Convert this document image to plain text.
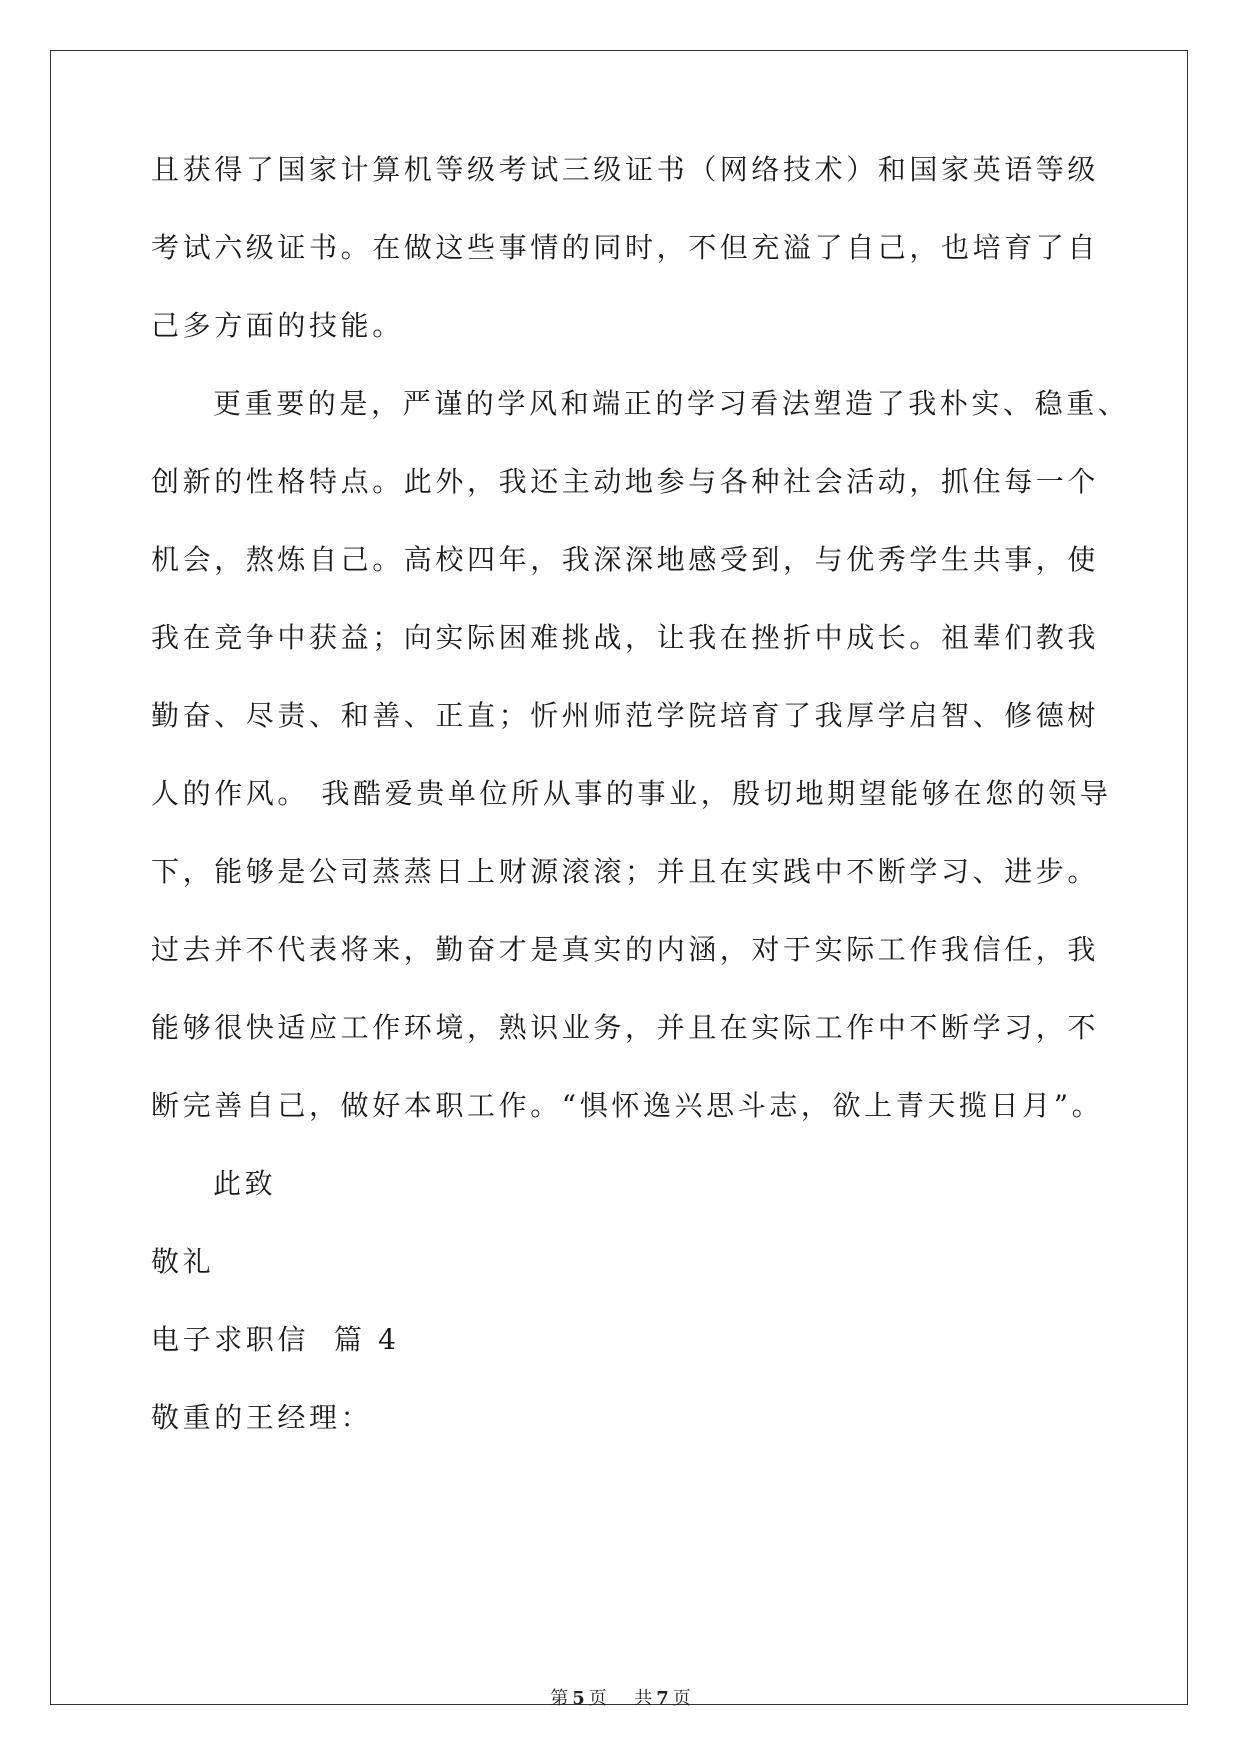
且获得了国家计算机等级考试三级证书（网络技术）和国家英语等级
考试六级证书。在做这些事情的同时，不但充溢了自己，也培育了自
己多方面的技能。
更重要的是，严谨的学风和端正的学习看法塑造了我朴实、稳重、
创新的性格特点。此外，我还主动地参与各种社会活动，抓住每一个
机会，熬炼自己。高校四年，我深深地感受到，与优秀学生共事，使
我在竞争中获益；向实际困难挑战，让我在挫折中成长。祖辈们教我
勤奋、尽责、和善、正直；忻州师范学院培育了我厚学启智、修德树
人的作风。 我酷爱贵单位所从事的事业，殷切地期望能够在您的领导
下，能够是公司蒸蒸日上财源滚滚；并且在实践中不断学习、进步。
过去并不代表将来，勤奋才是真实的内涵，对于实际工作我信任，我
能够很快适应工作环境，熟识业务，并且在实际工作中不断学习，不
断完善自己，做好本职工作。“惧怀逸兴思斗志，欲上青天揽日月”。
此致
敬礼
电子求职信  篇 4
敬重的王经理：
第 5 页 共 7 页
